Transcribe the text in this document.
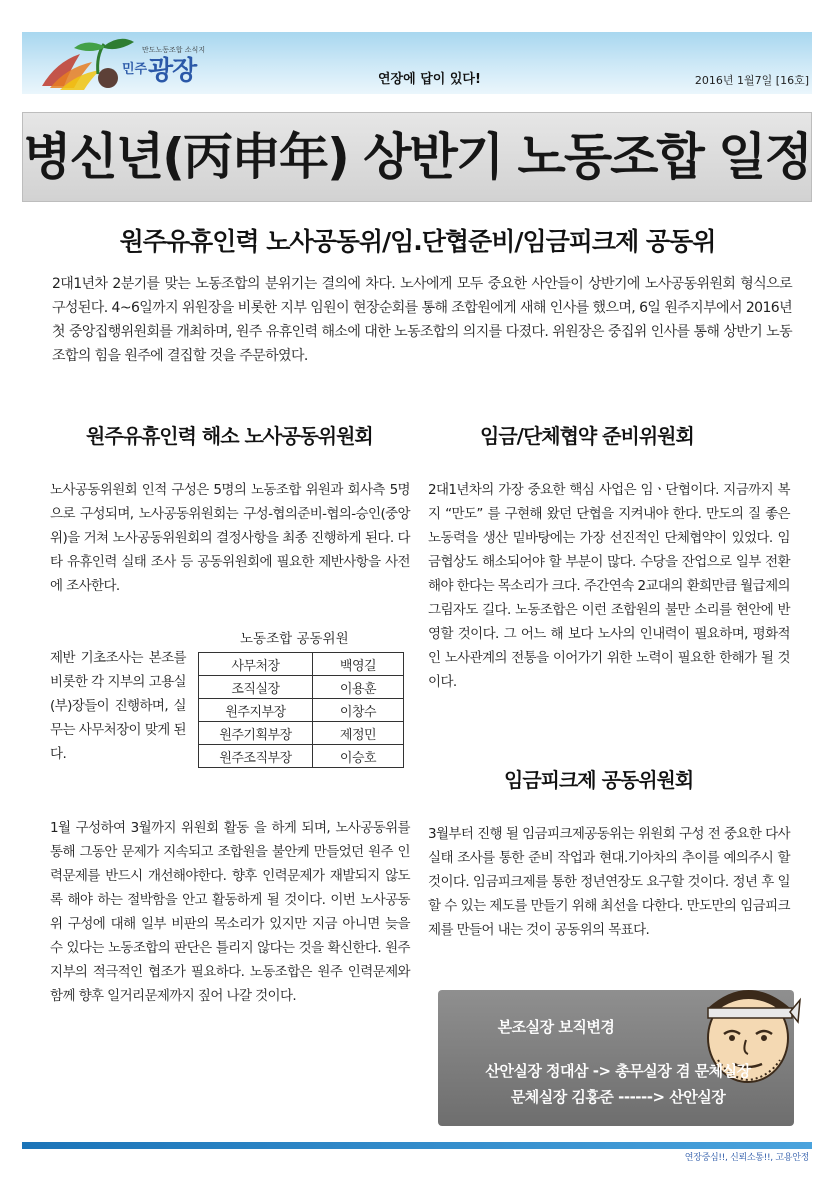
만도노동조합 소식지
민주 광장	연장에 답이 있다!	2016년 1월7일 [16호]
병신년(丙申年) 상반기 노동조합 일정
원주유휴인력 노사공동위/임.단협준비/임금피크제 공동위
2대1년차 2분기를 맞는 노동조합의 분위기는 결의에 차다. 노사에게 모두 중요한 사안들이 상반기에 노사공동위원회 형식으로 구성된다. 4~6일까지 위원장을 비롯한 지부 임원이 현장순회를 통해 조합원에게 새해 인사를 했으며, 6일 원주지부에서 2016년 첫 중앙집행위원회를 개최하며, 원주 유휴인력 해소에 대한 노동조합의 의지를 다졌다. 위원장은 중집위 인사를 통해 상반기 노동조합의 힘을 원주에 결집할 것을 주문하였다.
원주유휴인력 해소 노사공동위원회
노사공동위원회 인적 구성은 5명의 노동조합 위원과 회사측 5명으로 구성되며, 노사공동위원회는 구성-협의준비-협의-승인(중앙위)을 거쳐 노사공동위원회의 결정사항을 최종 진행하게 된다. 다타 유휴인력 실태 조사 등 공동위원회에 필요한 제반사항을 사전에 조사한다.
제반 기초조사는 본조를 비롯한 각 지부의 고용실(부)장들이 진행하며, 실무는 사무처장이 맞게 된다.
노동조합 공동위원
사무처장	백영길
조직실장	이용훈
원주지부장	이창수
원주기획부장	제정민
원주조직부장	이승호
1월 구성하여 3월까지 위원회 활동 을 하게 되며, 노사공동위를 통해 그동안 문제가 지속되고 조합원을 불안케 만들었던 원주 인력문제를 반드시 개선해야한다. 향후 인력문제가 재발되지 않도록 해야 하는 절박함을 안고 활동하게 될 것이다. 이번 노사공동위 구성에 대해 일부 비판의 목소리가 있지만 지금 아니면 늦을 수 있다는 노동조합의 판단은 틀리지 않다는 것을 확신한다. 원주지부의 적극적인 협조가 필요하다. 노동조합은 원주 인력문제와 함께 향후 일거리문제까지 짚어 나갈 것이다.
임금/단체협약 준비위원회
2대1년차의 가장 중요한 핵심 사업은 임ㆍ단협이다. 지금까지 복지 “만도” 를 구현해 왔던 단협을 지켜내야 한다. 만도의 질 좋은 노동력을 생산 밑바탕에는 가장 선진적인 단체협약이 있었다. 임금협상도 해소되어야 할 부분이 많다. 수당을 잔업으로 일부 전환해야 한다는 목소리가 크다. 주간연속 2교대의 환희만큼 월급제의 그림자도 길다. 노동조합은 이런 조합원의 불만 소리를 현안에 반영할 것이다. 그 어느 해 보다 노사의 인내력이 필요하며, 평화적인 노사관계의 전통을 이어가기 위한 노력이 필요한 한해가 될 것이다.
임금피크제 공동위원회
3월부터 진행 될 임금피크제공동위는 위원회 구성 전 중요한 다사실태 조사를 통한 준비 작업과 현대.기아차의 추이를 예의주시 할 것이다. 임금피크제를 통한 정년연장도 요구할 것이다. 정년 후 일 할 수 있는 제도를 만들기 위해 최선을 다한다. 만도만의 임금피크제를 만들어 내는 것이 공동위의 목표다.
본조실장 보직변경
산안실장 정대삼 -> 총무실장 겸 문체실장
문체실장 김홍준 ------> 산안실장
연장중심!!, 신뢰소통!!, 고용안정
